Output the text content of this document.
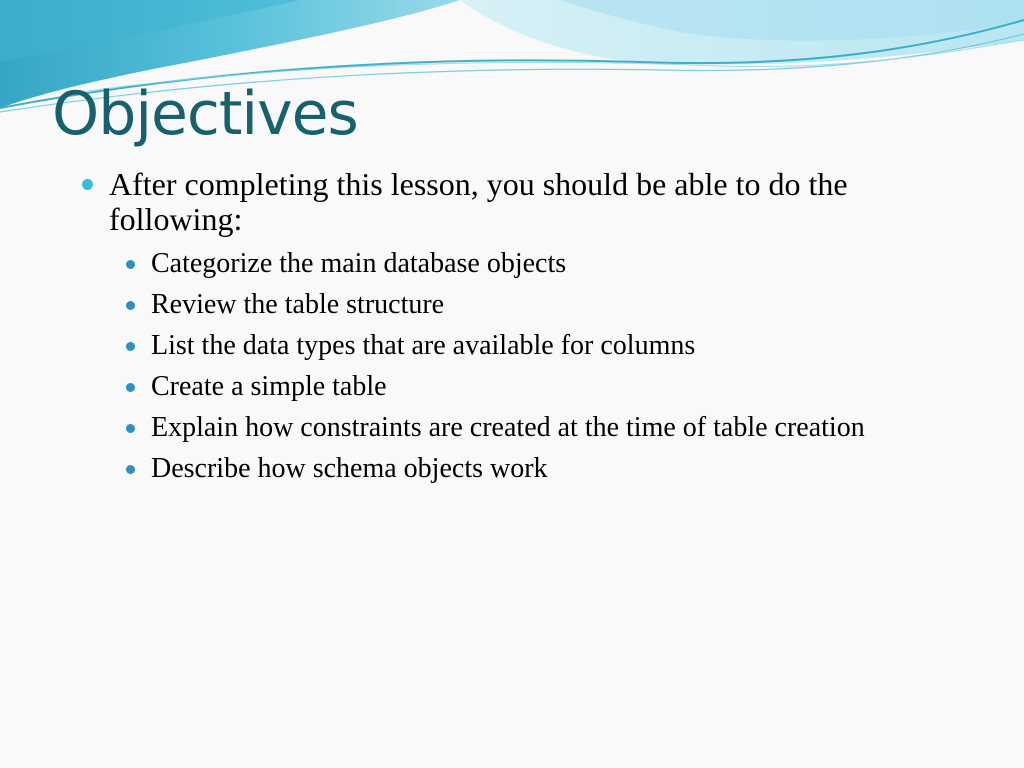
Objectives
After completing this lesson, you should be able to do the following:
Categorize the main database objects
Review the table structure
List the data types that are available for columns
Create a simple table
Explain how constraints are created at the time of table creation
Describe how schema objects work
